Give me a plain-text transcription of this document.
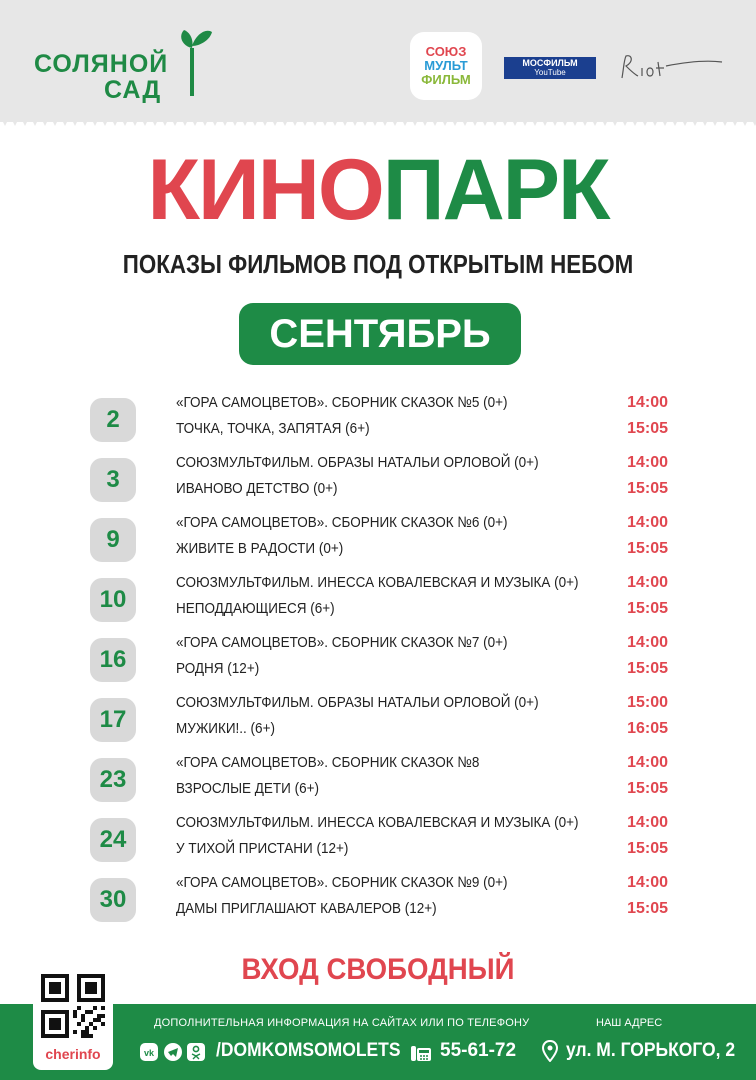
СОЛЯНОЙ
САД
СОЮЗ
МУЛЬТ
ФИЛЬМ
МОСФИЛЬМ
YouTube
КИНОПАРК
ПОКАЗЫ ФИЛЬМОВ ПОД ОТКРЫТЫМ НЕБОМ
СЕНТЯБРЬ
2
«ГОРА САМОЦВЕТОВ». СБОРНИК СКАЗОК №5 (0+)	14:00
ТОЧКА, ТОЧКА, ЗАПЯТАЯ (6+)	15:05
3
СОЮЗМУЛЬТФИЛЬМ. ОБРАЗЫ НАТАЛЬИ ОРЛОВОЙ (0+)	14:00
ИВАНОВО ДЕТСТВО (0+)	15:05
9
«ГОРА САМОЦВЕТОВ». СБОРНИК СКАЗОК №6 (0+)	14:00
ЖИВИТЕ В РАДОСТИ (0+)	15:05
10
СОЮЗМУЛЬТФИЛЬМ. ИНЕССА КОВАЛЕВСКАЯ И МУЗЫКА (0+)	14:00
НЕПОДДАЮЩИЕСЯ (6+)	15:05
16
«ГОРА САМОЦВЕТОВ». СБОРНИК СКАЗОК №7 (0+)	14:00
РОДНЯ (12+)	15:05
17
СОЮЗМУЛЬТФИЛЬМ. ОБРАЗЫ НАТАЛЬИ ОРЛОВОЙ (0+)	15:00
МУЖИКИ!.. (6+)	16:05
23
«ГОРА САМОЦВЕТОВ». СБОРНИК СКАЗОК №8	14:00
ВЗРОСЛЫЕ ДЕТИ (6+)	15:05
24
СОЮЗМУЛЬТФИЛЬМ. ИНЕССА КОВАЛЕВСКАЯ И МУЗЫКА (0+)	14:00
У ТИХОЙ ПРИСТАНИ (12+)	15:05
30
«ГОРА САМОЦВЕТОВ». СБОРНИК СКАЗОК №9 (0+)	14:00
ДАМЫ ПРИГЛАШАЮТ КАВАЛЕРОВ (12+)	15:05
ВХОД СВОБОДНЫЙ
cherinfo
ДОПОЛНИТЕЛЬНАЯ ИНФОРМАЦИЯ НА САЙТАХ ИЛИ ПО ТЕЛЕФОНУ	НАШ АДРЕС
vk	/DOMKOMSOMOLETS 55-61-72	ул. М. ГОРЬКОГО, 2
